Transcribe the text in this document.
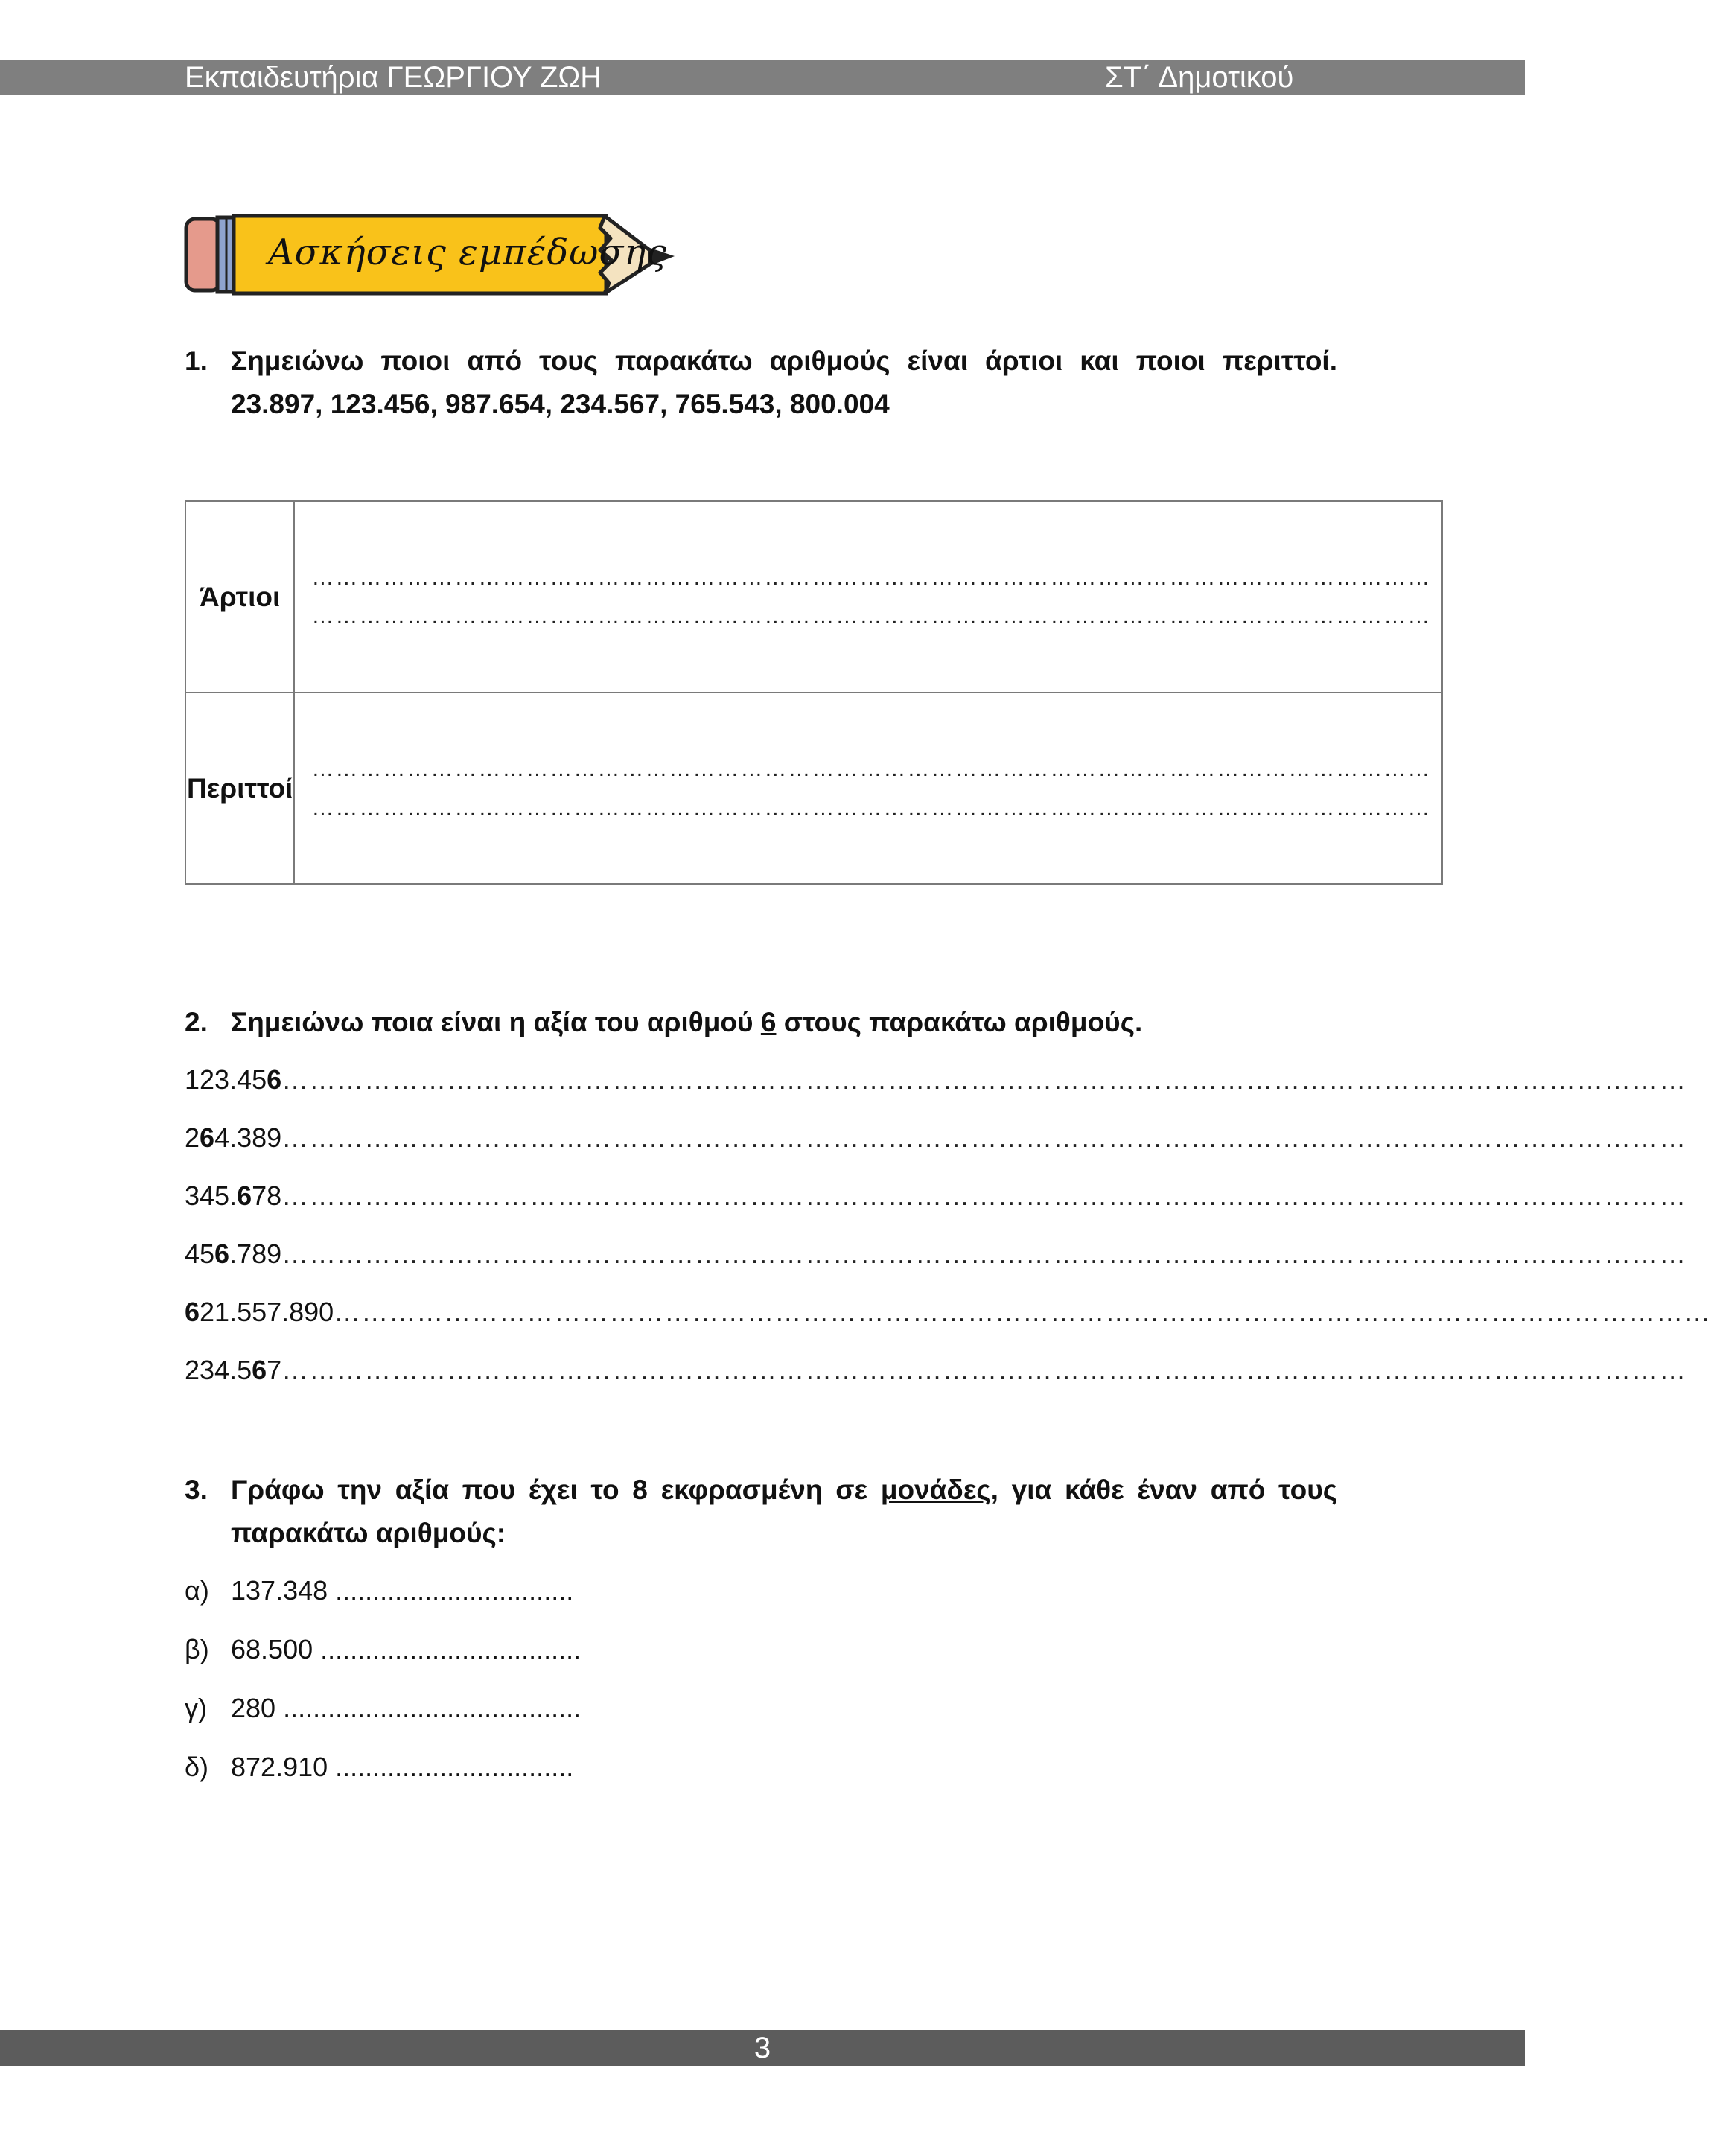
Εκπαιδευτήρια ΓΕΩΡΓΙΟΥ ΖΩΗ	ΣΤ΄ Δημοτικού
Ασκήσεις εμπέδωσης
1. Σημειώνω ποιοι από τους παρακάτω αριθμούς είναι άρτιοι και ποιοι περιττοί.
23.897, 123.456, 987.654, 234.567, 765.543, 800.004
Άρτιοι	……………………………………………………………………………………………………………………………
……………………………………………………………………………………………………………………………

Περιττοί	……………………………………………………………………………………………………………………………
……………………………………………………………………………………………………………………………
2. Σημειώνω ποια είναι η αξία του αριθμού 6 στους παρακάτω αριθμούς.
123.456………………………………………………………………………………………………………………………………………
264.389………………………………………………………………………………………………………………………………………
345.678………………………………………………………………………………………………………………………………………
456.789………………………………………………………………………………………………………………………………………
621.557.890……………………………………………………………………………………………………………………………………
234.567………………………………………………………………………………………………………………………………………
3. Γράφω την αξία που έχει το 8 εκφρασμένη σε μονάδες, για κάθε έναν από τους
παρακάτω αριθμούς:
α) 137.348 ................................
β) 68.500 ...................................
γ) 280 ........................................
δ) 872.910 ................................
3
